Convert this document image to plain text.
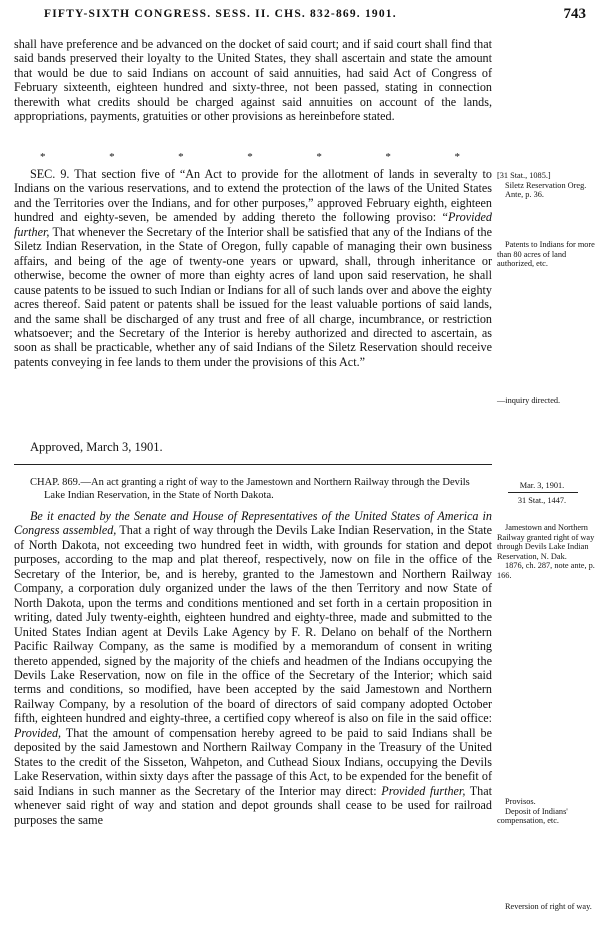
FIFTY-SIXTH CONGRESS. SESS. II. CHS. 832-869. 1901.	743

shall have preference and be advanced on the docket of said court; and if said court shall find that said bands preserved their loyalty to the United States, they shall ascertain and state the amount that would be due to said Indians on account of said annuities, had said Act of Congress of February sixteenth, eighteen hundred and sixty-three, not been passed, stating in connection therewith what credits should be charged against said annuities on account of the lands, appropriations, payments, gratuities or other provisions as hereinbefore stated.

*	*	*	*	*	*	*

SEC. 9. That section five of “An Act to provide for the allotment of lands in severalty to Indians on the various reservations, and to extend the protection of the laws of the United States and the Territories over the Indians, and for other purposes,” approved February eighth, eighteen hundred and eighty-seven, be amended by adding thereto the following proviso: “Provided further, That whenever the Secretary of the Interior shall be satisfied that any of the Indians of the Siletz Indian Reservation, in the State of Oregon, fully capable of managing their own business affairs, and being of the age of twenty-one years or upward, shall, through inheritance or otherwise, become the owner of more than eighty acres of land upon said reservation, he shall cause patents to be issued to such Indian or Indians for all of such lands over and above the eighty acres thereof. Said patent or patents shall be issued for the least valuable portions of said lands, and the same shall be discharged of any trust and free of all charge, incumbrance, or restriction whatsoever; and the Secretary of the Interior is hereby authorized and directed to ascertain, as soon as shall be practicable, whether any of said Indians of the Siletz Reservation should receive patents conveying in fee lands to them under the provisions of this Act.”

Approved, March 3, 1901.
CHAP. 869.—An act granting a right of way to the Jamestown and Northern Railway through the Devils Lake Indian Reservation, in the State of North Dakota.

Be it enacted by the Senate and House of Representatives of the United States of America in Congress assembled, That a right of way through the Devils Lake Indian Reservation, in the State of North Dakota, not exceeding two hundred feet in width, with grounds for station and depot purposes, according to the map and plat thereof, respectively, now on file in the office of the Secretary of the Interior, be, and is hereby, granted to the Jamestown and Northern Railway Company, a corporation duly organized under the laws of the then Territory and now State of North Dakota, upon the terms and conditions mentioned and set forth in a certain proposition in writing, dated July twenty-eighth, eighteen hundred and eighty-three, made and submitted to the United States Indian agent at Devils Lake Agency by F. R. Delano on behalf of the Northern Pacific Railway Company, as the same is modified by a memorandum of consent in writing thereto appended, signed by the majority of the chiefs and headmen of the Indians occupying the Devils Lake Reservation, now on file in the office of the Secretary of the Interior; which said terms and conditions, so modified, have been accepted by the said Jamestown and Northern Railway Company, by a resolution of the board of directors of said company adopted October fifth, eighteen hundred and eighty-three, a certified copy whereof is also on file in the said office: Provided, That the amount of compensation hereby agreed to be paid to said Indians shall be deposited by the said Jamestown and Northern Railway Company in the Treasury of the United States to the credit of the Sisseton, Wahpeton, and Cuthead Sioux Indians, occupying the Devils Lake Reservation, within sixty days after the passage of this Act, to be expended for the benefit of said Indians in such manner as the Secretary of the Interior may direct: Provided further, That whenever said right of way and station and depot grounds shall cease to be used for railroad purposes the same

[31 Stat., 1085.]
Siletz Reservation Oreg.
Ante, p. 36.
Patents to Indians for more than 80 acres of land authorized, etc.
—inquiry directed.
Mar. 3, 1901.
31 Stat., 1447.
Jamestown and Northern Railway granted right of way through Devils Lake Indian Reservation, N. Dak.
1876, ch. 287, note ante, p. 166.
Provisos.
Deposit of Indians' compensation, etc.
Reversion of right of way.
